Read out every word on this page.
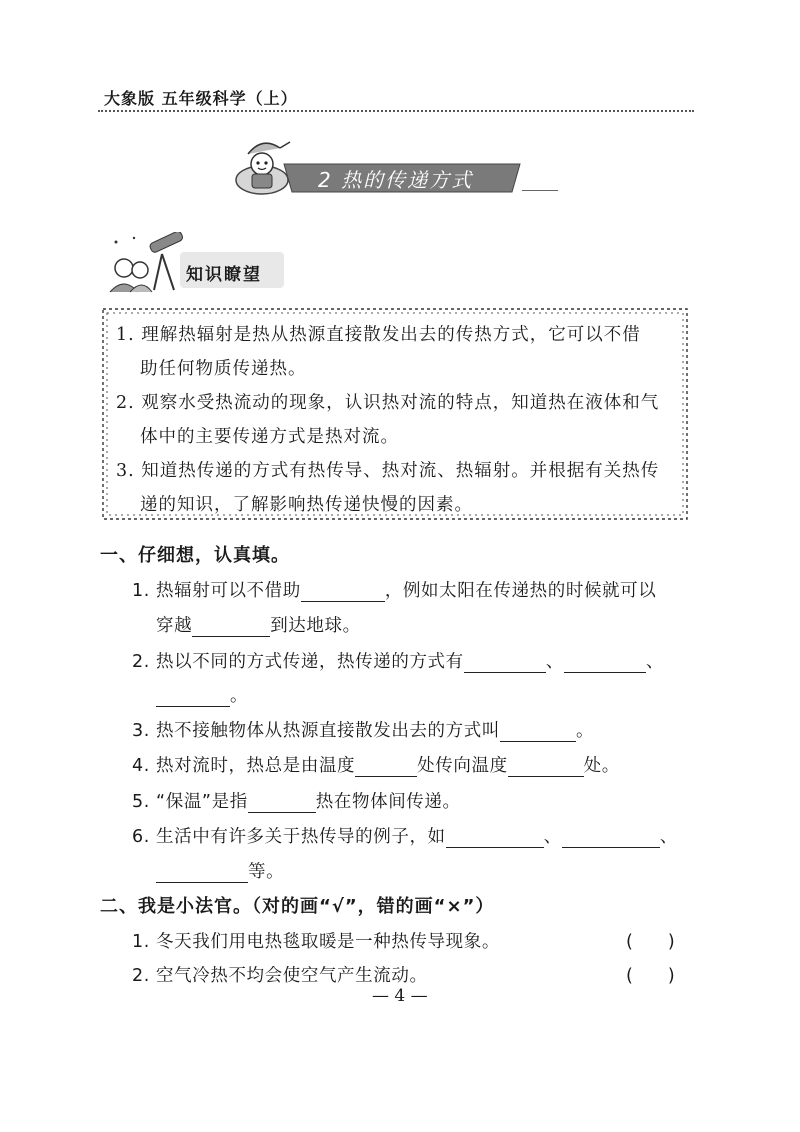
大象版 五年级科学（上）
2 热的传递方式
知识瞭望
1. 理解热辐射是热从热源直接散发出去的传热方式，它可以不借
助任何物质传递热。
2. 观察水受热流动的现象，认识热对流的特点，知道热在液体和气
体中的主要传递方式是热对流。
3. 知道热传递的方式有热传导、热对流、热辐射。并根据有关热传
递的知识，了解影响热传递快慢的因素。
一、仔细想，认真填。
1. 热辐射可以不借助	，例如太阳在传递热的时候就可以
穿越	到达地球。
2. 热以不同的方式传递，热传递的方式有	、	、
。
3. 热不接触物体从热源直接散发出去的方式叫	。
4. 热对流时，热总是由温度	处传向温度	处。
5. “保温”是指	热在物体间传递。
6. 生活中有许多关于热传导的例子，如	、	、
等。
二、我是小法官。（对的画“√”，错的画“×”）
1. 冬天我们用电热毯取暖是一种热传导现象。	(　　)
2. 空气冷热不均会使空气产生流动。	(　　)
— 4 —
